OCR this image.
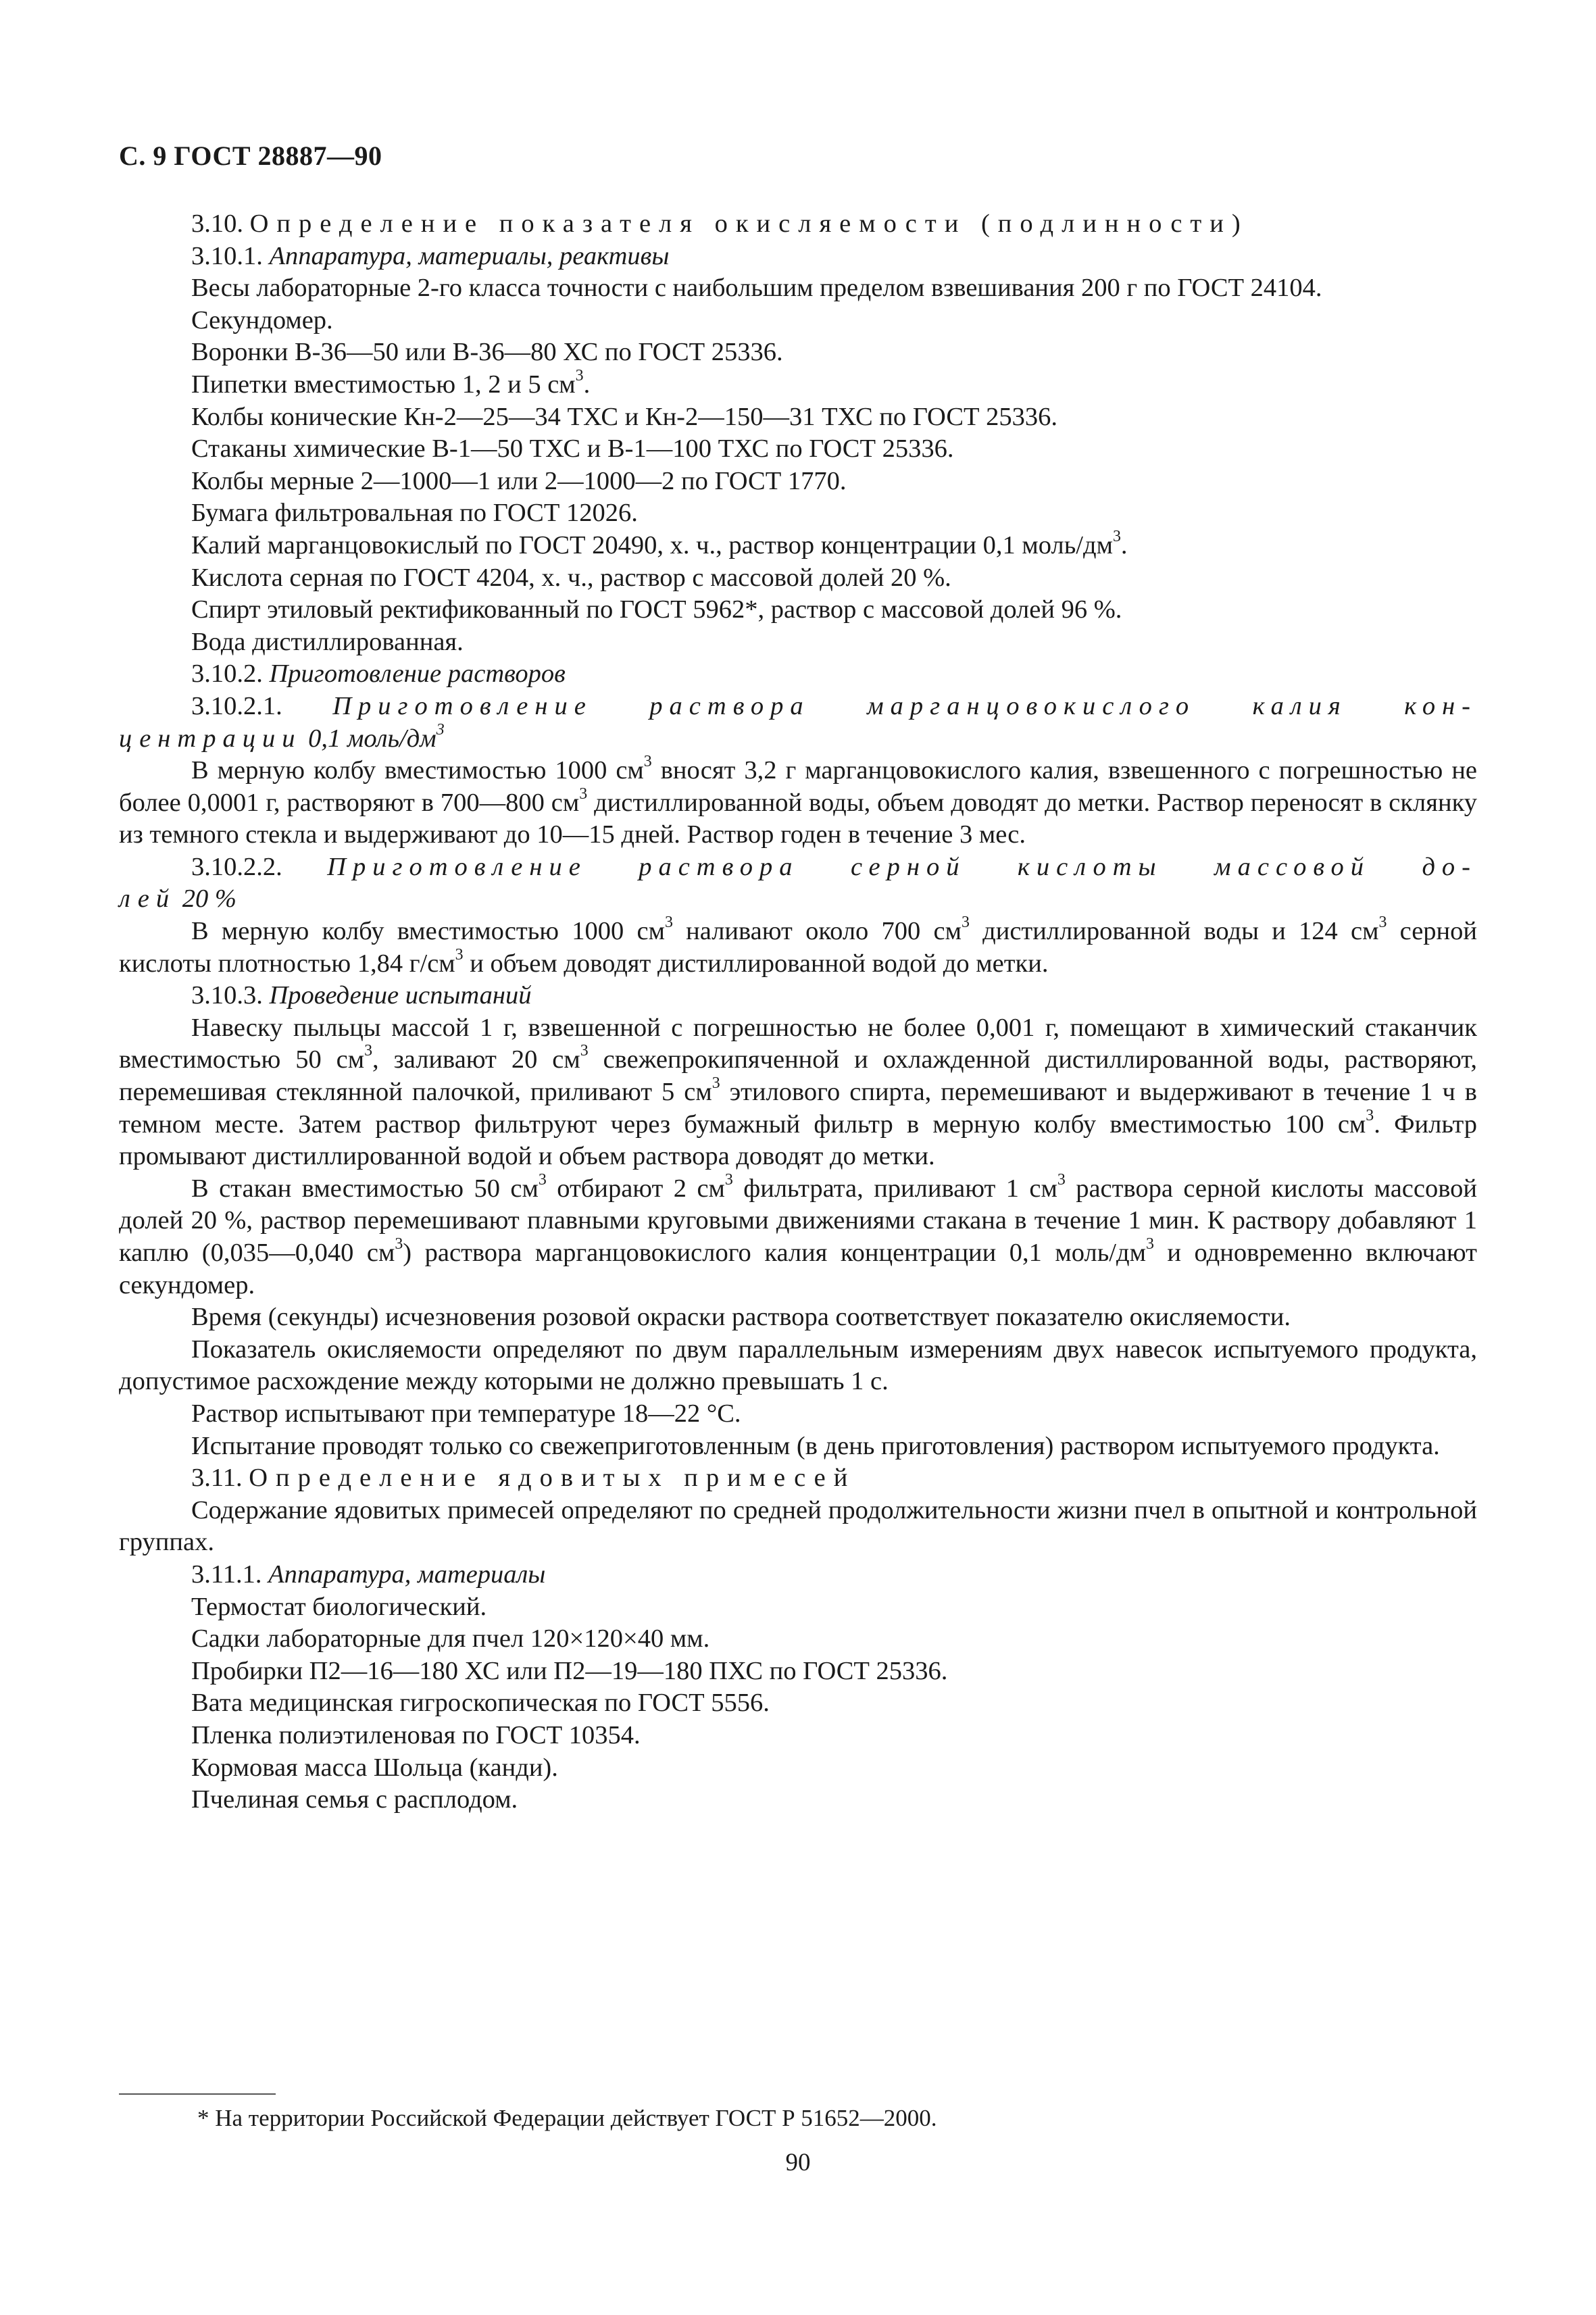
С. 9 ГОСТ 28887—90

3.10. Определение показателя окисляемости (подлинности)

3.10.1. Аппаратура, материалы, реактивы

Весы лабораторные 2-го класса точности с наибольшим пределом взвешивания 200 г по ГОСТ 24104.

Секундомер.

Воронки В-36—50 или В-36—80 ХС по ГОСТ 25336.

Пипетки вместимостью 1, 2 и 5 $см^3$.

Колбы конические Кн-2—25—34 ТХС и Кн-2—150—31 ТХС по ГОСТ 25336.

Стаканы химические В-1—50 ТХС и В-1—100 ТХС по ГОСТ 25336.

Колбы мерные 2—1000—1 или 2—1000—2 по ГОСТ 1770.

Бумага фильтровальная по ГОСТ 12026.

Калий марганцовокислый по ГОСТ 20490, х. ч., раствор концентрации 0,1 моль/$дм^3$.

Кислота серная по ГОСТ 4204, х. ч., раствор с массовой долей 20 %.

Спирт этиловый ректификованный по ГОСТ 5962*, раствор с массовой долей 96 %.

Вода дистиллированная.

3.10.2. Приготовление растворов

3.10.2.1. Приготовление раствора марганцовокислого калия кон-

центрации 0,1 моль/$дм^3$

В мерную колбу вместимостью 1000 $см^3$ вносят 3,2 г марганцовокислого калия, взвешенного с погрешностью не более 0,0001 г, растворяют в 700—800 $см^3$ дистиллированной воды, объем доводят до метки. Раствор переносят в склянку из темного стекла и выдерживают до 10—15 дней. Раствор годен в течение 3 мес.

3.10.2.2. Приготовление раствора серной кислоты массовой до-

лей 20 %

В мерную колбу вместимостью 1000 $см^3$ наливают около 700 $см^3$ дистиллированной воды и 124 $см^3$ серной кислоты плотностью 1,84 $г/см^3$ и объем доводят дистиллированной водой до метки.

3.10.3. Проведение испытаний

Навеску пыльцы массой 1 г, взвешенной с погрешностью не более 0,001 г, помещают в химический стаканчик вместимостью 50 $см^3$, заливают 20 $см^3$ свежепрокипяченной и охлажденной дистиллированной воды, растворяют, перемешивая стеклянной палочкой, приливают 5 $см^3$ этилового спирта, перемешивают и выдерживают в течение 1 ч в темном месте. Затем раствор фильтруют через бумажный фильтр в мерную колбу вместимостью 100 $см^3$. Фильтр промывают дистиллированной водой и объем раствора доводят до метки.

В стакан вместимостью 50 $см^3$ отбирают 2 $см^3$ фильтрата, приливают 1 $см^3$ раствора серной кислоты массовой долей 20 %, раствор перемешивают плавными круговыми движениями стакана в течение 1 мин. К раствору добавляют 1 каплю (0,035—0,040 $см^3$) раствора марганцовокислого калия концентрации 0,1 моль/$дм^3$ и одновременно включают секундомер.

Время (секунды) исчезновения розовой окраски раствора соответствует показателю окисляемости.

Показатель окисляемости определяют по двум параллельным измерениям двух навесок испытуемого продукта, допустимое расхождение между которыми не должно превышать 1 с.

Раствор испытывают при температуре 18—22 °С.

Испытание проводят только со свежеприготовленным (в день приготовления) раствором испытуемого продукта.

3.11. Определение ядовитых примесей

Содержание ядовитых примесей определяют по средней продолжительности жизни пчел в опытной и контрольной группах.

3.11.1. Аппаратура, материалы

Термостат биологический.

Садки лабораторные для пчел 120×120×40 мм.

Пробирки П2—16—180 ХС или П2—19—180 ПХС по ГОСТ 25336.

Вата медицинская гигроскопическая по ГОСТ 5556.

Пленка полиэтиленовая по ГОСТ 10354.

Кормовая масса Шольца (канди).

Пчелиная семья с расплодом.

* На территории Российской Федерации действует ГОСТ Р 51652—2000.
90
